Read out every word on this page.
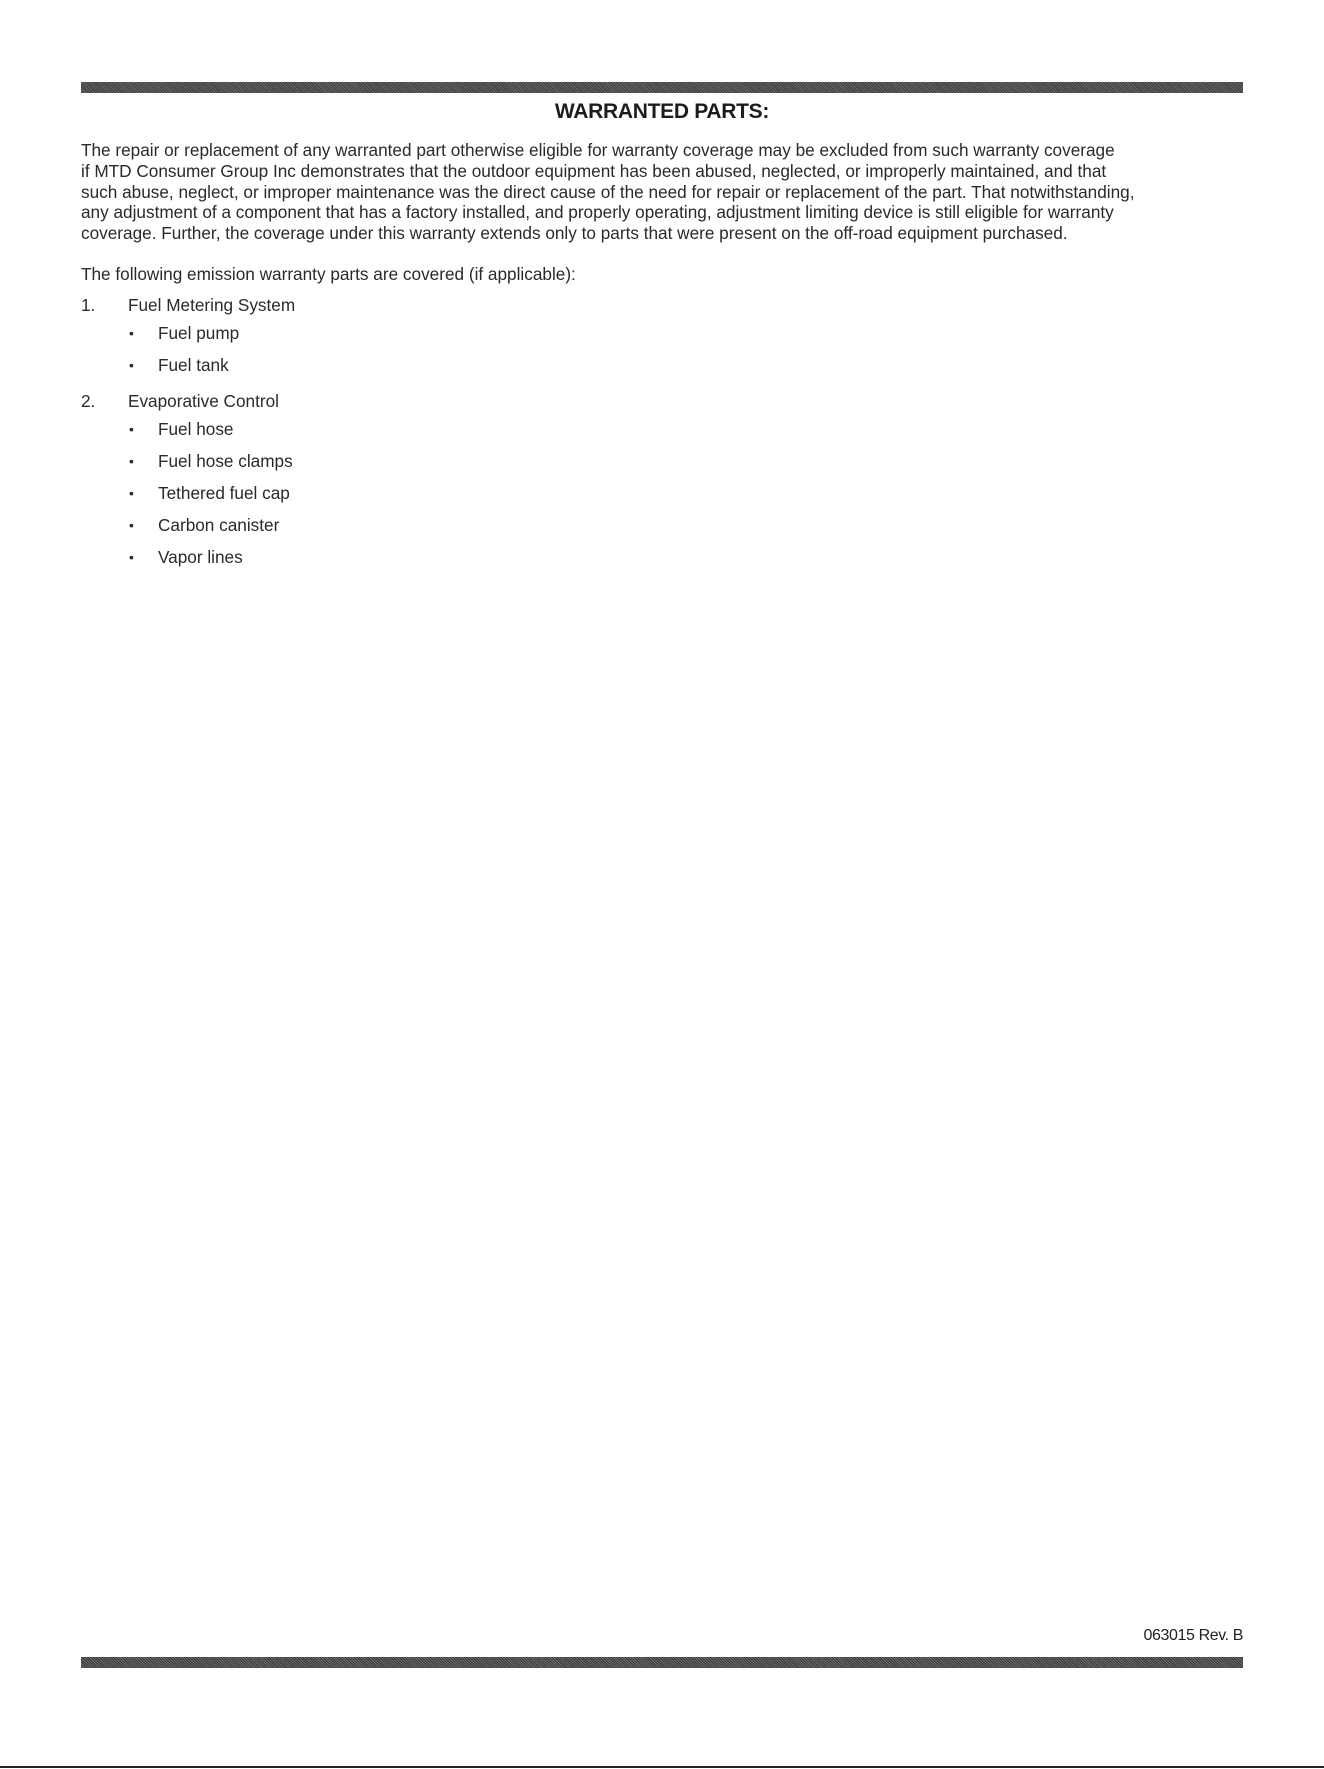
WARRANTED PARTS:
The repair or replacement of any warranted part otherwise eligible for warranty coverage may be excluded from such warranty coverage
if MTD Consumer Group Inc demonstrates that the outdoor equipment has been abused, neglected, or improperly maintained, and that
such abuse, neglect, or improper maintenance was the direct cause of the need for repair or replacement of the part. That notwithstanding,
any adjustment of a component that has a factory installed, and properly operating, adjustment limiting device is still eligible for warranty
coverage. Further, the coverage under this warranty extends only to parts that were present on the off-road equipment purchased.
The following emission warranty parts are covered (if applicable):
1. Fuel Metering System
• Fuel pump
• Fuel tank
2. Evaporative Control
• Fuel hose
• Fuel hose clamps
• Tethered fuel cap
• Carbon canister
• Vapor lines
063015 Rev. B
